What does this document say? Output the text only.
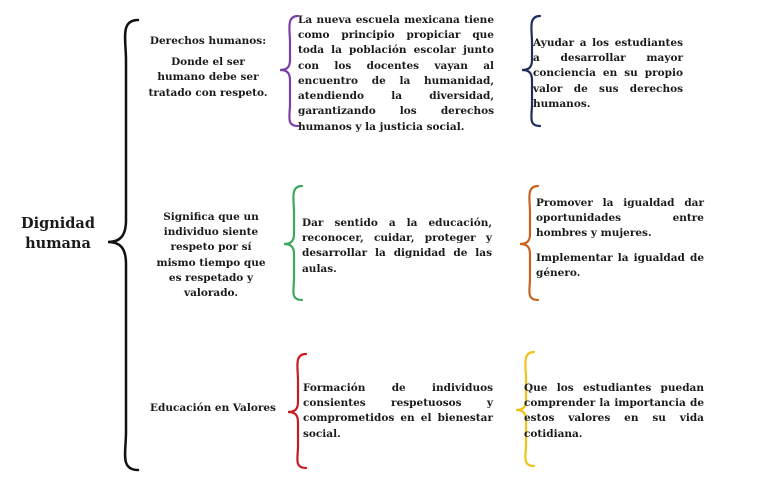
Dignidad
humana
Derechos humanos:
Donde el ser humano debe ser tratado con respeto.
La nueva escuela mexicana tiene como principio propiciar que toda la población escolar junto con los docentes vayan al encuentro de la humanidad, atendiendo la diversidad, garantizando los derechos humanos y la justicia social.
Ayudar a los estudiantes a desarrollar mayor conciencia en su propio valor de sus derechos humanos.
Significa que un individuo siente respeto por sí mismo tiempo que es respetado y valorado.
Dar sentido a la educación, reconocer, cuidar, proteger y desarrollar la dignidad de las aulas.
Promover la igualdad dar oportunidades entre hombres y mujeres.
Implementar la igualdad de género.
Educación en Valores
Formación de individuos consientes respetuosos y comprometidos en el bienestar social.
Que los estudiantes puedan comprender la importancia de estos valores en su vida cotidiana.
